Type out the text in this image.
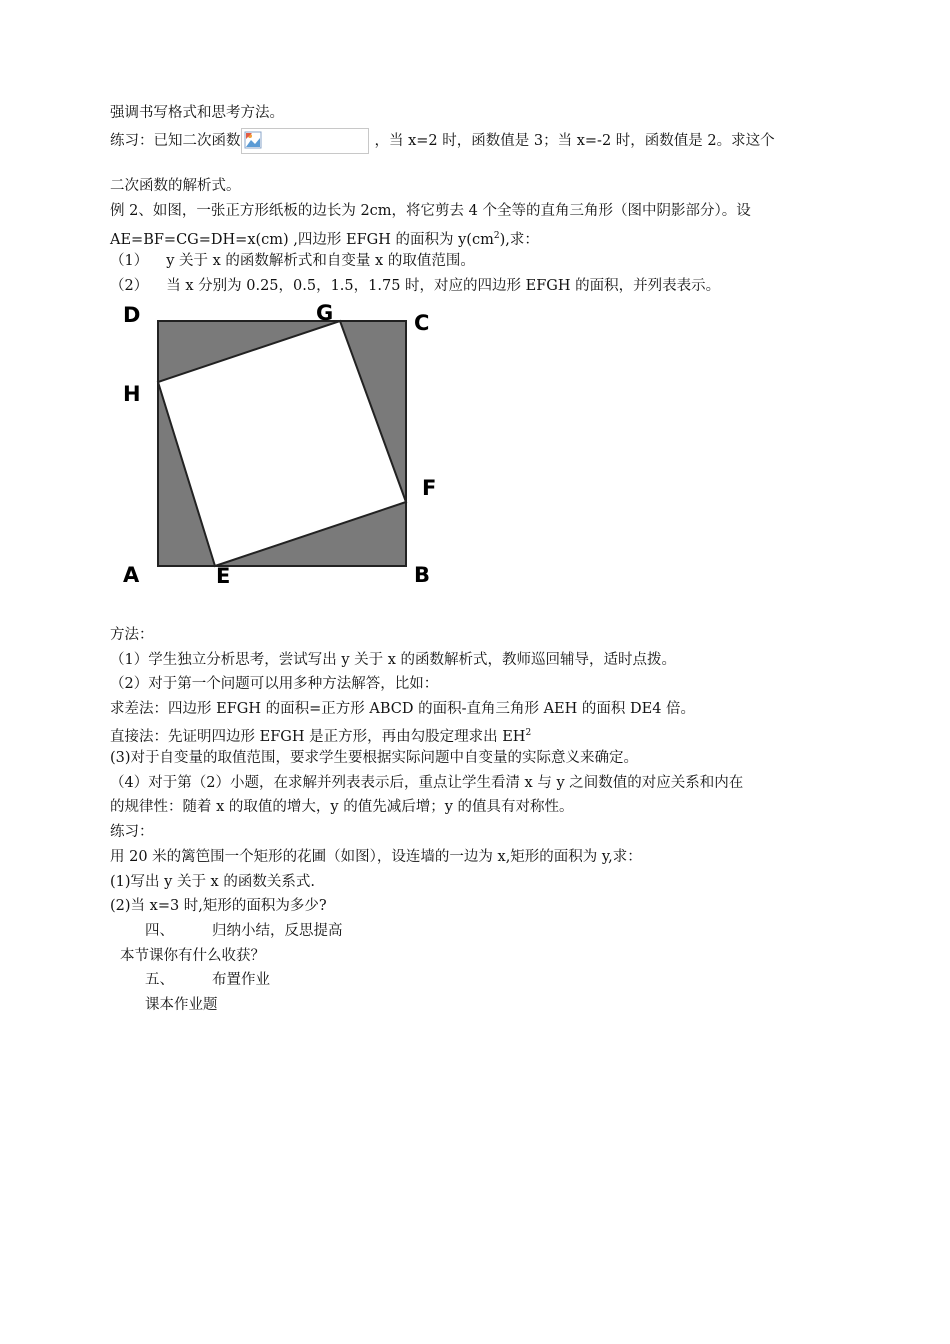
强调书写格式和思考方法。
练习：已知二次函数	，当 x=2 时，函数值是 3；当 x=-2 时，函数值是 2。求这个
二次函数的解析式。
例 2、如图，一张正方形纸板的边长为 2cm，将它剪去 4 个全等的直角三角形（图中阴影部分）。设
AE=BF=CG=DH=x(cm) ,四边形 EFGH 的面积为 $y(cm^2)$,求：
（1） y 关于 x 的函数解析式和自变量 x 的取值范围。
（2） 当 x 分别为 0.25，0.5，1.5，1.75 时，对应的四边形 EFGH 的面积，并列表表示。
D	G	C
H
F
A	E	B
方法：
（1）学生独立分析思考，尝试写出 y 关于 x 的函数解析式，教师巡回辅导，适时点拨。
（2）对于第一个问题可以用多种方法解答，比如：
求差法：四边形 EFGH 的面积=正方形 ABCD 的面积-直角三角形 AEH 的面积 DE4 倍。
直接法：先证明四边形 EFGH 是正方形，再由勾股定理求出 $EH^2$
(3)对于自变量的取值范围，要求学生要根据实际问题中自变量的实际意义来确定。
（4）对于第（2）小题，在求解并列表表示后，重点让学生看清 x 与 y 之间数值的对应关系和内在
的规律性：随着 x 的取值的增大，y 的值先减后增；y 的值具有对称性。
练习：
用 20 米的篱笆围一个矩形的花圃（如图），设连墙的一边为 x,矩形的面积为 y,求：
(1)写出 y 关于 x 的函数关系式.
(2)当 x=3 时,矩形的面积为多少?
四、	归纳小结，反思提高
本节课你有什么收获？
五、	布置作业
课本作业题
